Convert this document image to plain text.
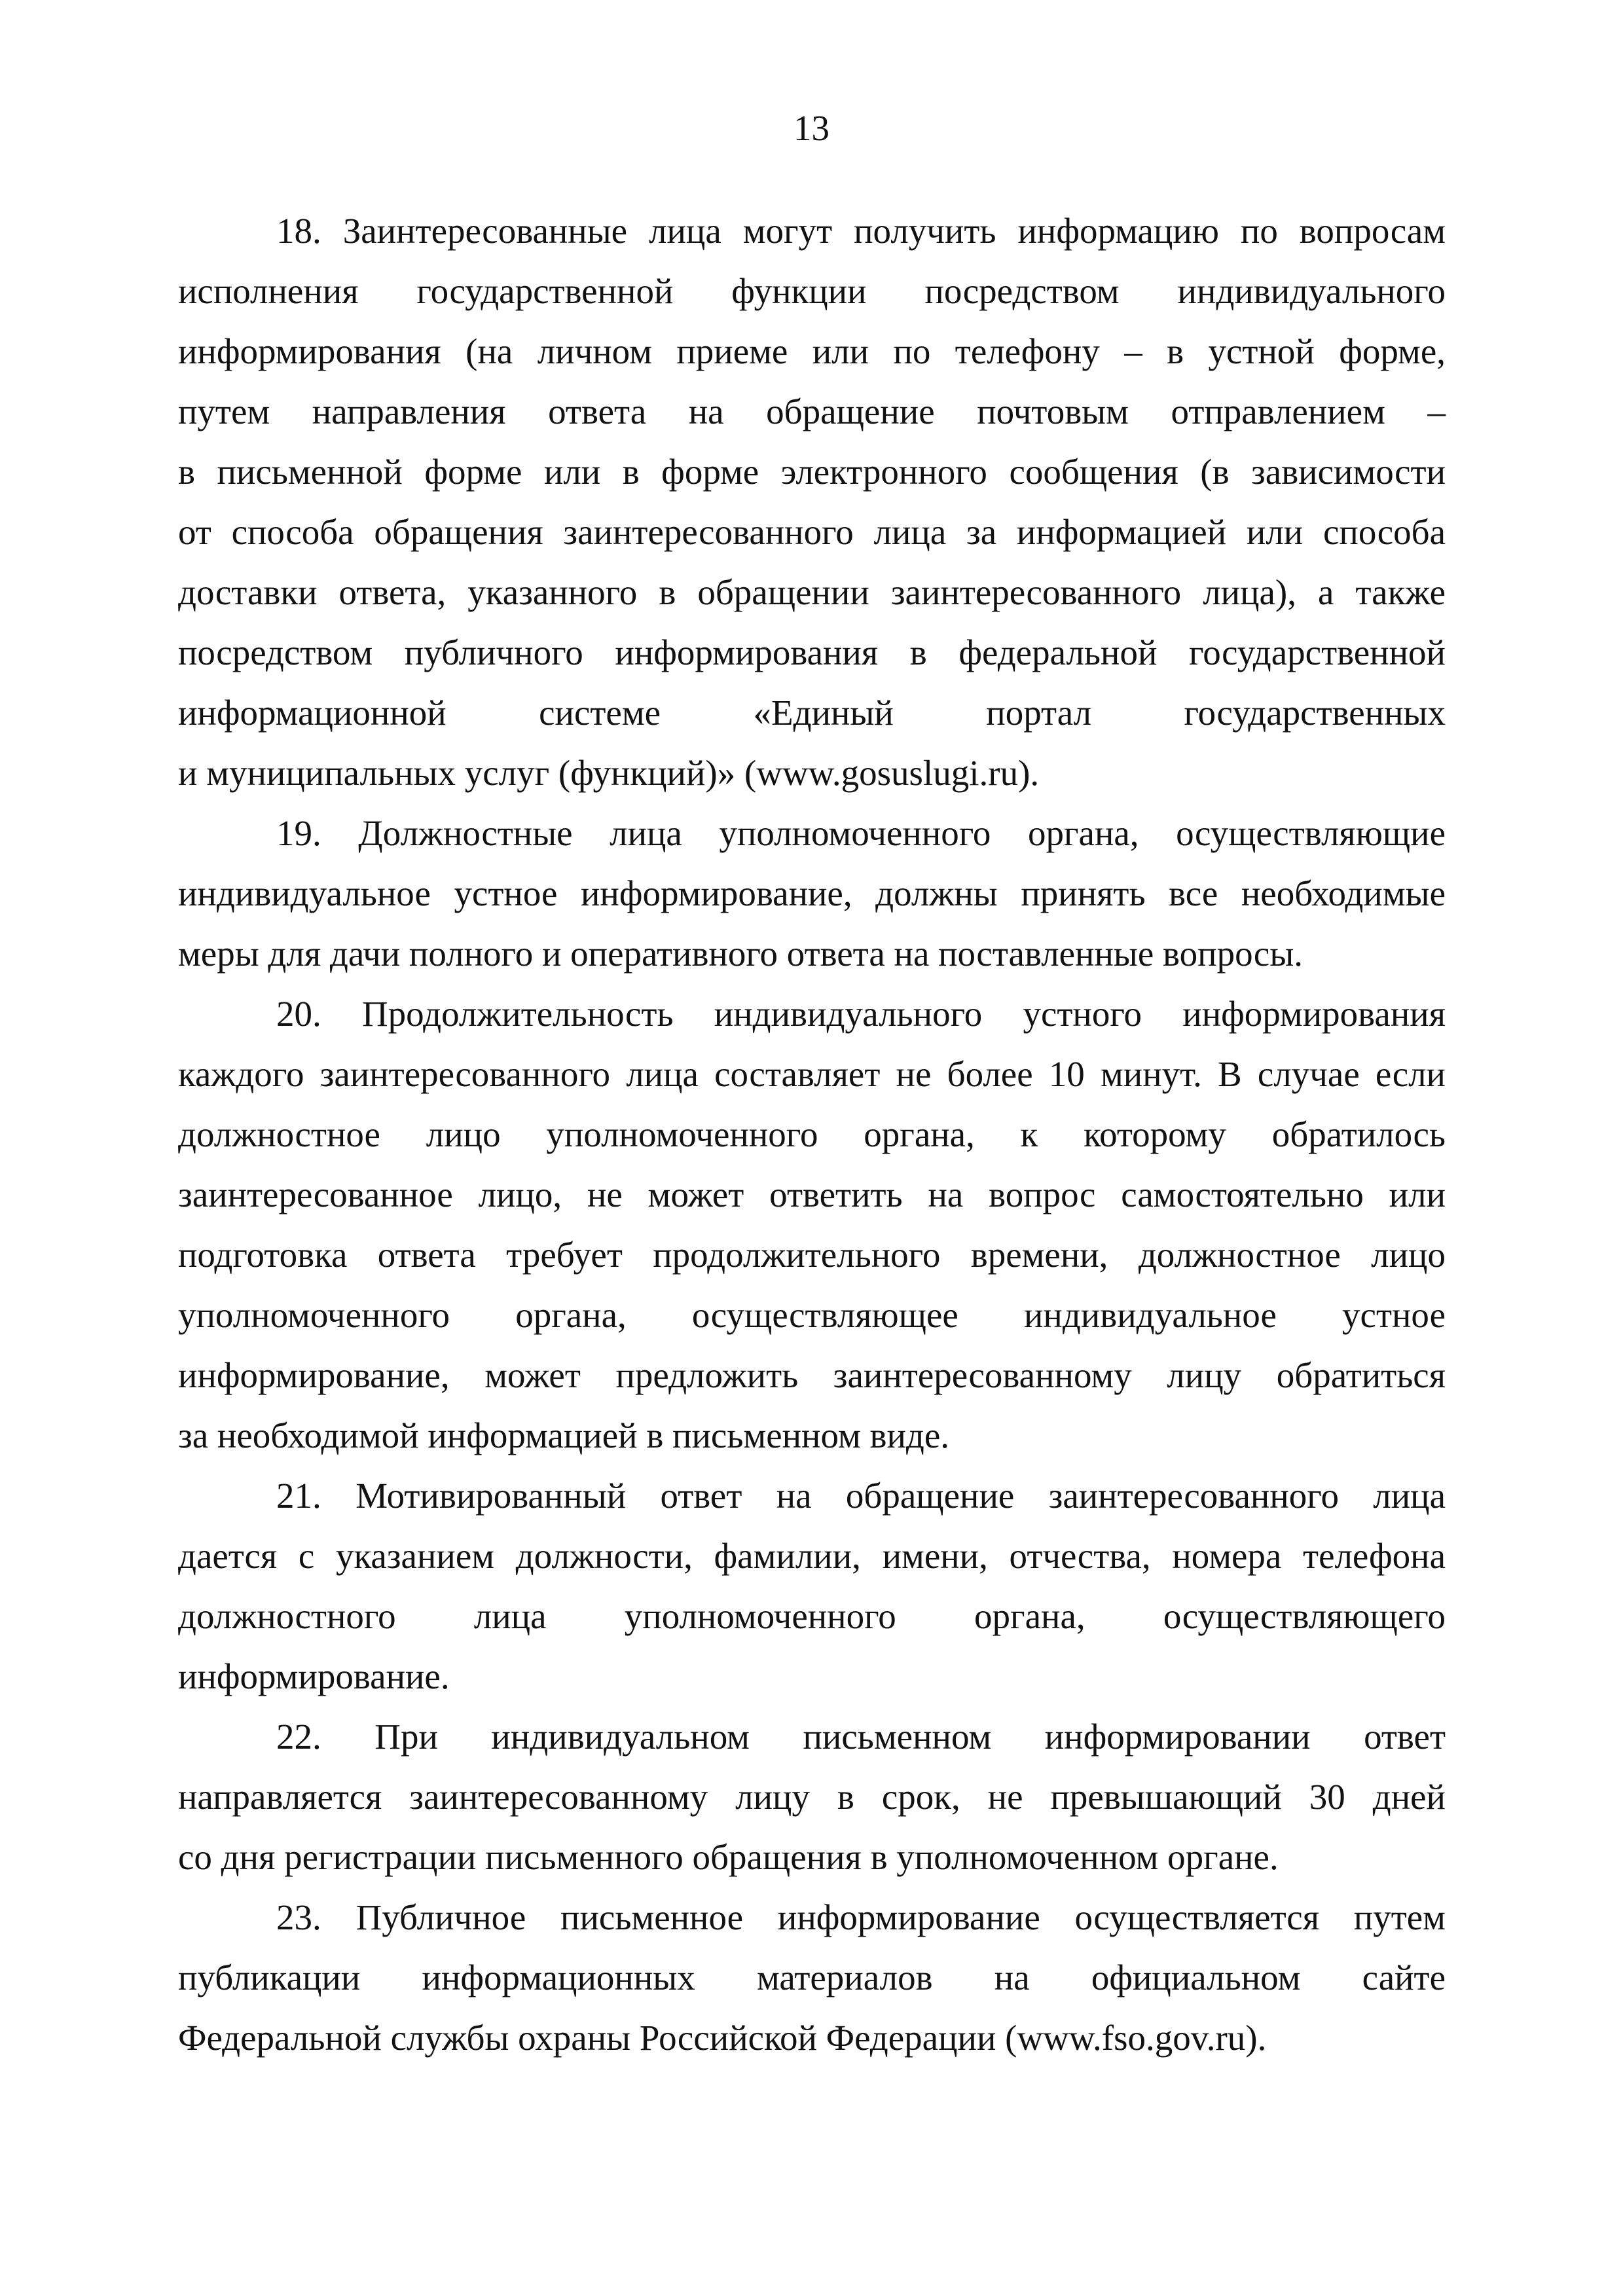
13
18. Заинтересованные лица могут получить информацию по вопросам
исполнения государственной функции посредством индивидуального
информирования (на личном приеме или по телефону – в устной форме,
путем направления ответа на обращение почтовым отправлением –
в письменной форме или в форме электронного сообщения (в зависимости
от способа обращения заинтересованного лица за информацией или способа
доставки ответа, указанного в обращении заинтересованного лица), а также
посредством публичного информирования в федеральной государственной
информационной системе «Единый портал государственных
и муниципальных услуг (функций)» (www.gosuslugi.ru).
19. Должностные лица уполномоченного органа, осуществляющие
индивидуальное устное информирование, должны принять все необходимые
меры для дачи полного и оперативного ответа на поставленные вопросы.
20. Продолжительность индивидуального устного информирования
каждого заинтересованного лица составляет не более 10 минут. В случае если
должностное лицо уполномоченного органа, к которому обратилось
заинтересованное лицо, не может ответить на вопрос самостоятельно или
подготовка ответа требует продолжительного времени, должностное лицо
уполномоченного органа, осуществляющее индивидуальное устное
информирование, может предложить заинтересованному лицу обратиться
за необходимой информацией в письменном виде.
21. Мотивированный ответ на обращение заинтересованного лица
дается с указанием должности, фамилии, имени, отчества, номера телефона
должностного лица уполномоченного органа, осуществляющего
информирование.
22. При индивидуальном письменном информировании ответ
направляется заинтересованному лицу в срок, не превышающий 30 дней
со дня регистрации письменного обращения в уполномоченном органе.
23. Публичное письменное информирование осуществляется путем
публикации информационных материалов на официальном сайте
Федеральной службы охраны Российской Федерации (www.fso.gov.ru).
